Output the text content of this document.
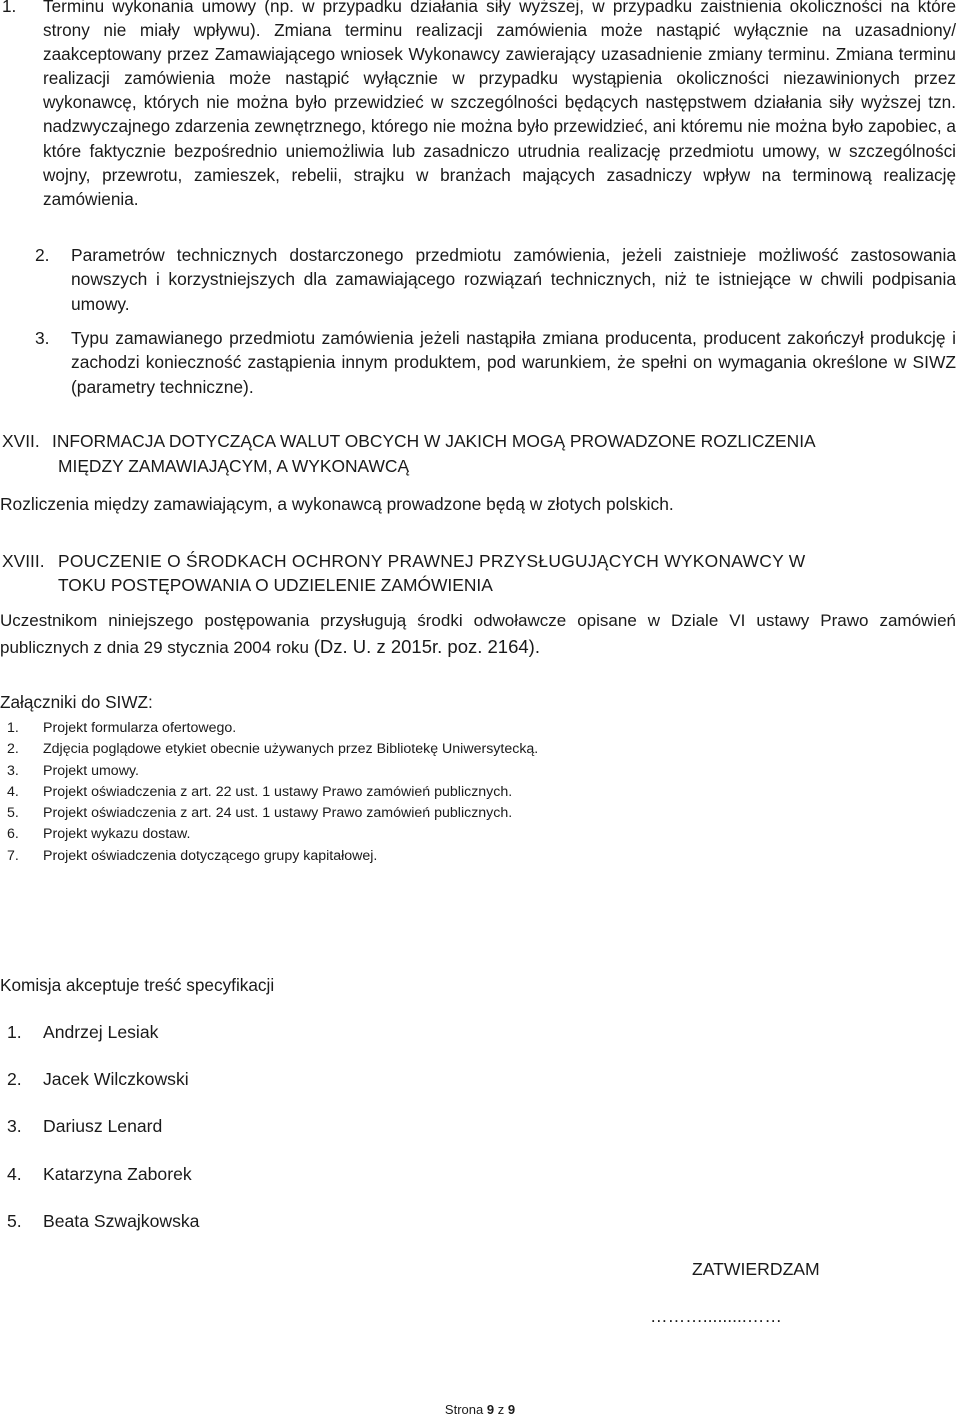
1. Terminu wykonania umowy (np. w przypadku działania siły wyższej, w przypadku zaistnienia okoliczności na które strony nie miały wpływu). Zmiana terminu realizacji zamówienia może nastąpić wyłącznie na uzasadniony/ zaakceptowany przez Zamawiającego wniosek Wykonawcy zawierający uzasadnienie zmiany terminu. Zmiana terminu realizacji zamówienia może nastąpić wyłącznie w przypadku wystąpienia okoliczności niezawinionych przez wykonawcę, których nie można było przewidzieć w szczególności będących następstwem działania siły wyższej tzn. nadzwyczajnego zdarzenia zewnętrznego, którego nie można było przewidzieć, ani któremu nie można było zapobiec, a które faktycznie bezpośrednio uniemożliwia lub zasadniczo utrudnia realizację przedmiotu umowy, w szczególności wojny, przewrotu, zamieszek, rebelii, strajku w branżach mających zasadniczy wpływ na terminową realizację zamówienia.
2. Parametrów technicznych dostarczonego przedmiotu zamówienia, jeżeli zaistnieje możliwość zastosowania nowszych i korzystniejszych dla zamawiającego rozwiązań technicznych, niż te istniejące w chwili podpisania umowy.
3. Typu zamawianego przedmiotu zamówienia jeżeli nastąpiła zmiana producenta, producent zakończył produkcję i zachodzi konieczność zastąpienia innym produktem, pod warunkiem, że spełni on wymagania określone w SIWZ (parametry techniczne).
XVII. INFORMACJA DOTYCZĄCA WALUT OBCYCH W JAKICH MOGĄ PROWADZONE ROZLICZENIA
MIĘDZY ZAMAWIAJĄCYM, A WYKONAWCĄ
Rozliczenia między zamawiającym, a wykonawcą prowadzone będą w złotych polskich.
XVIII. POUCZENIE O ŚRODKACH OCHRONY PRAWNEJ PRZYSŁUGUJĄCYCH WYKONAWCY W
TOKU POSTĘPOWANIA O UDZIELENIE ZAMÓWIENIA
Uczestnikom niniejszego postępowania przysługują środki odwoławcze opisane w Dziale VI ustawy Prawo zamówień publicznych z dnia 29 stycznia 2004 roku (Dz. U. z 2015r. poz. 2164).
Załączniki do SIWZ:
1. Projekt formularza ofertowego.
2. Zdjęcia poglądowe etykiet obecnie używanych przez Bibliotekę Uniwersytecką.
3. Projekt umowy.
4. Projekt oświadczenia z art. 22 ust. 1 ustawy Prawo zamówień publicznych.
5. Projekt oświadczenia z art. 24 ust. 1 ustawy Prawo zamówień publicznych.
6. Projekt wykazu dostaw.
7. Projekt oświadczenia dotyczącego grupy kapitałowej.
Komisja akceptuje treść specyfikacji
1. Andrzej Lesiak
2. Jacek Wilczkowski
3. Dariusz Lenard
4. Katarzyna Zaborek
5. Beata Szwajkowska
ZATWIERDZAM
……….........……
Strona 9 z 9
